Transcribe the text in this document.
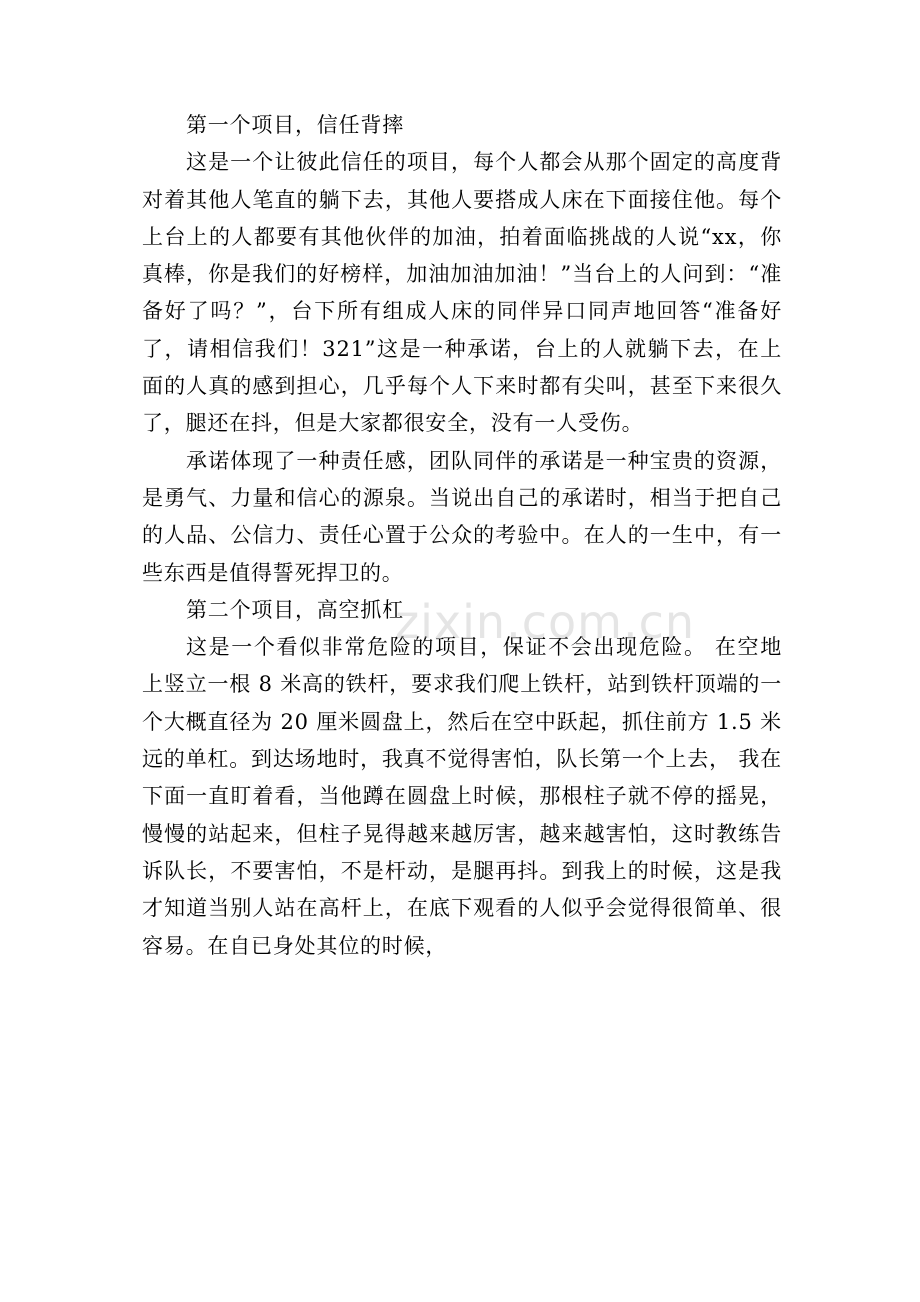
第一个项目，信任背摔

这是一个让彼此信任的项目，每个人都会从那个固定的高度背对着其他人笔直的躺下去，其他人要搭成人床在下面接住他。每个上台上的人都要有其他伙伴的加油，拍着面临挑战的人说“xx，你真棒，你是我们的好榜样，加油加油加油！”当台上的人问到：“准备好了吗？”，台下所有组成人床的同伴异口同声地回答“准备好了，请相信我们！321”这是一种承诺，台上的人就躺下去，在上面的人真的感到担心，几乎每个人下来时都有尖叫，甚至下来很久了，腿还在抖，但是大家都很安全，没有一人受伤。

承诺体现了一种责任感，团队同伴的承诺是一种宝贵的资源，是勇气、力量和信心的源泉。当说出自己的承诺时，相当于把自己的人品、公信力、责任心置于公众的考验中。在人的一生中，有一些东西是值得誓死捍卫的。

第二个项目，高空抓杠

这是一个看似非常危险的项目，保证不会出现危险。 在空地上竖立一根 8 米高的铁杆，要求我们爬上铁杆，站到铁杆顶端的一个大概直径为 20 厘米圆盘上，然后在空中跃起，抓住前方 1.5 米远的单杠。到达场地时，我真不觉得害怕，队长第一个上去， 我在下面一直盯着看，当他蹲在圆盘上时候，那根柱子就不停的摇晃，慢慢的站起来，但柱子晃得越来越厉害，越来越害怕，这时教练告诉队长，不要害怕，不是杆动，是腿再抖。到我上的时候，这是我才知道当别人站在高杆上，在底下观看的人似乎会觉得很简单、很容易。在自已身处其位的时候，

zixin.com.cn
